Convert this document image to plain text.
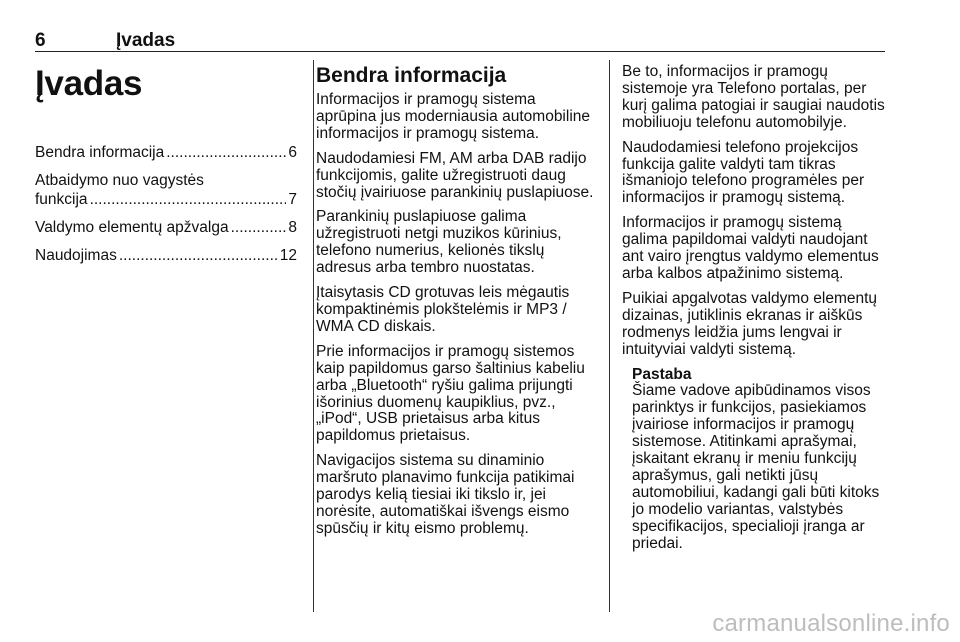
6	Įvadas
Įvadas
Bendra informacija .....	6
Atbaidymo nuo vagystės
funkcija .....	7
Valdymo elementų apžvalga .....	8
Naudojimas .....	12
Bendra informacija

Informacijos ir pramogų sistema aprūpina jus moderniausia automobiline informacijos ir pramogų sistema.

Naudodamiesi FM, AM arba DAB radijo funkcijomis, galite užregistruoti daug stočių įvairiuose parankinių puslapiuose.

Parankinių puslapiuose galima užregistruoti netgi muzikos kūrinius, telefono numerius, kelionės tikslų adresus arba tembro nuostatas.

Įtaisytasis CD grotuvas leis mėgautis kompaktinėmis plokštelėmis ir MP3 / WMA CD diskais.

Prie informacijos ir pramogų sistemos kaip papildomus garso šaltinius kabeliu arba „Bluetooth“ ryšiu galima prijungti išorinius duomenų kaupiklius, pvz., „iPod“, USB prietaisus arba kitus papildomus prietaisus.

Navigacijos sistema su dinaminio maršruto planavimo funkcija patikimai parodys kelią tiesiai iki tikslo ir, jei norėsite, automatiškai išvengs eismo spūsčių ir kitų eismo problemų.

Be to, informacijos ir pramogų sistemoje yra Telefono portalas, per kurį galima patogiai ir saugiai naudotis mobiliuoju telefonu automobilyje.

Naudodamiesi telefono projekcijos funkcija galite valdyti tam tikras išmaniojo telefono programėles per informacijos ir pramogų sistemą.

Informacijos ir pramogų sistemą galima papildomai valdyti naudojant ant vairo įrengtus valdymo elementus arba kalbos atpažinimo sistemą.

Puikiai apgalvotas valdymo elementų dizainas, jutiklinis ekranas ir aiškūs rodmenys leidžia jums lengvai ir intuityviai valdyti sistemą.

Pastaba

Šiame vadove apibūdinamos visos parinktys ir funkcijos, pasiekiamos įvairiose informacijos ir pramogų sistemose. Atitinkami aprašymai, įskaitant ekranų ir meniu funkcijų aprašymus, gali netikti jūsų automobiliui, kadangi gali būti kitoks jo modelio variantas, valstybės specifikacijos, specialioji įranga ar priedai.

carmanualsonline.info
